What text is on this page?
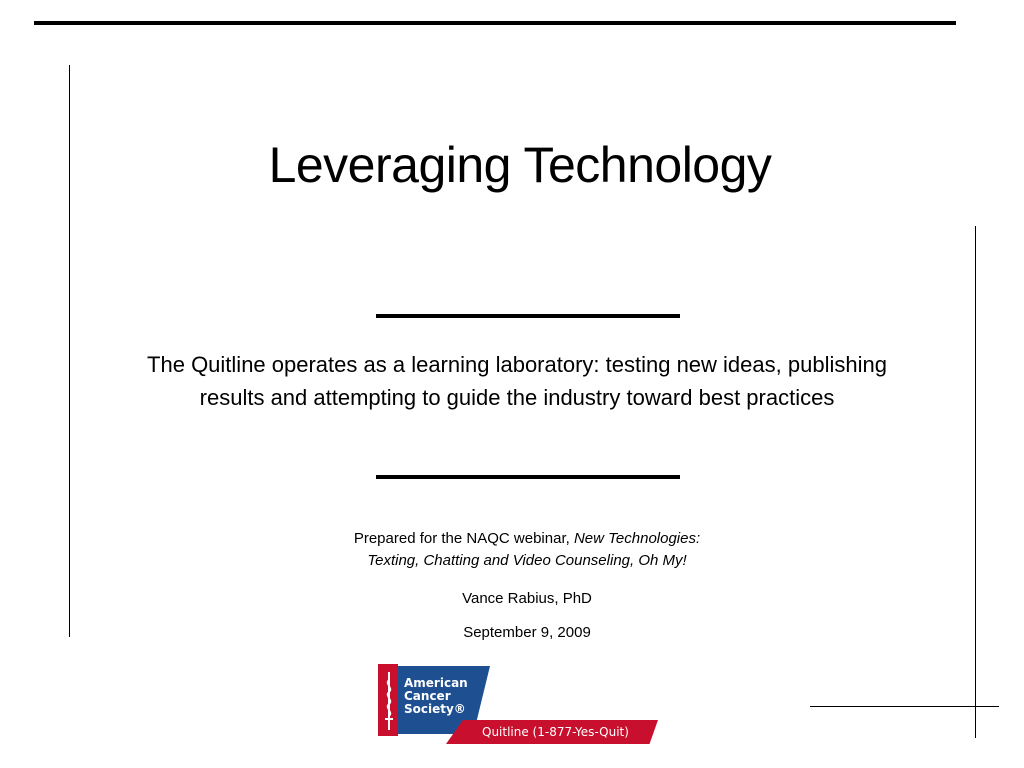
Leveraging Technology

The Quitline operates as a learning laboratory: testing new ideas, publishing results and attempting to guide the industry toward best practices

Prepared for the NAQC webinar, New Technologies:
Texting, Chatting and Video Counseling, Oh My!

Vance Rabius, PhD

September 9, 2009

American
Cancer
Society®

Quitline (1-877-Yes-Quit)
